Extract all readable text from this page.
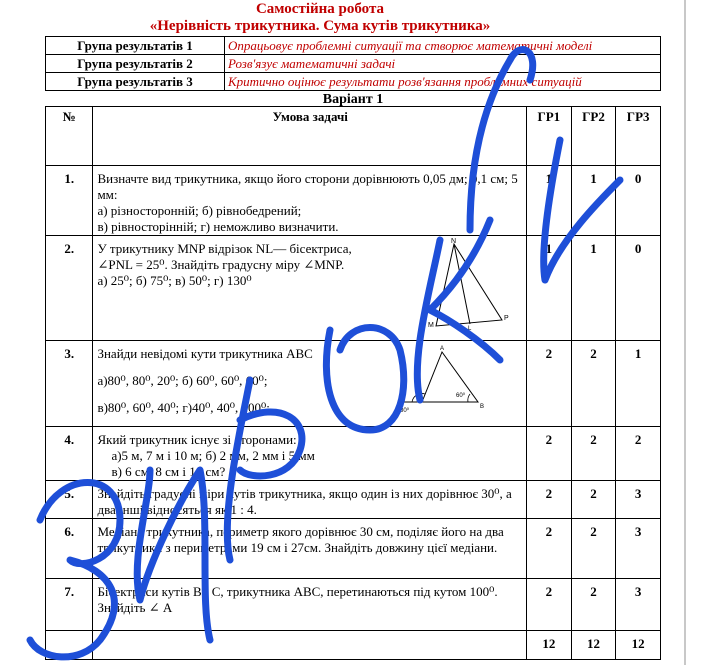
Самостійна робота
«Нерівність трикутника. Сума кутів трикутника»
Група результатів 1	Опрацьовує проблемні ситуації та створює математичні моделі
Група результатів 2	Розв'язує математичні задачі
Група результатів 3	Критично оцінює результати розв'язання проблемних ситуацій
Варіант 1
№	Умова задачі	ГР1	ГР2	ГР3
1.	Визначте вид трикутника, якщо його сторони дорівнюють 0,05 дм; 0,1 см; 5 мм:
а) різносторонній; б) рівнобедрений;
в) рівносторінній; г) неможливо визначити.	1	1	0
2.	У трикутнику MNP відрізок NL— бісектриса,
∠PNL = 25⁰. Знайдіть градусну міру ∠MNP.
а) 25⁰; б) 75⁰; в) 50⁰; г) 130⁰	1	1	0
3.	Знайди невідомі кути трикутника АВС
а)80⁰, 80⁰, 20⁰; б) 60⁰, 60⁰, 60⁰;
в)80⁰, 60⁰, 40⁰; г)40⁰, 40⁰, 100⁰;	2	2	1
4.	Який трикутник існує зі сторонами:
а)5 м, 7 м і 10 м; б) 2 мм, 2 мм і 5 мм
в) 6 см, 8 см і 14 см?	2	2	2
5.	Знайдіть градусні міри кутів трикутника, якщо один із них дорівнює 30⁰, а два інші відносяться як 1 : 4.	2	2	3
6.	Медіана трикутника, периметр якого дорівнює 30 см, поділяє його на два трикутники з периметрами 19 см і 27см. Знайдіть довжину цієї медіани.	2	2	3
7.	Бісектриси кутів В і С, трикутника АВС, перетинаються під кутом 100⁰. Знайдіть ∠ А	2	2	3
		12	12	12
N
M	L
P
A
B
C
80⁰
60⁰
